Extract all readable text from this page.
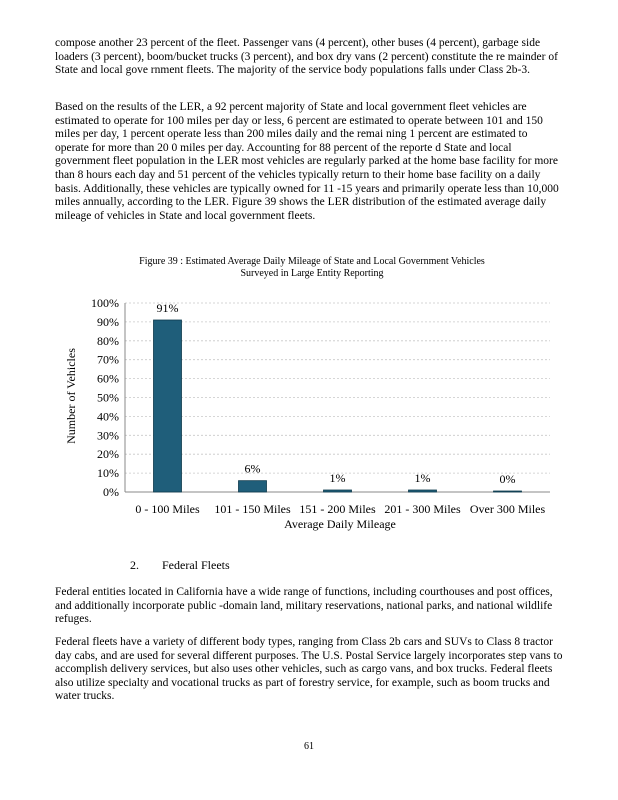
compose another 23 percent of the fleet. Passenger vans (4 percent), other buses (4 percent), garbage side loaders (3 percent), boom/bucket trucks (3 percent), and box dry vans (2 percent) constitute the re mainder of State and local gove rnment fleets. The majority of the service body populations falls under Class 2b-3.

Based on the results of the LER, a 92 percent majority of State and local government fleet vehicles are estimated to operate for 100 miles per day or less, 6 percent are estimated to operate between 101 and 150 miles per day, 1 percent operate less than 200 miles daily and the remai ning 1 percent are estimated to operate for more than 20 0 miles per day. Accounting for 88 percent of the reporte d State and local government fleet population in the LER most vehicles are regularly parked at the home base facility for more than 8 hours each day and 51 percent of the vehicles typically return to their home base facility on a daily basis. Additionally, these vehicles are typically owned for 11 -15 years and primarily operate less than 10,000 miles annually, according to the LER. Figure 39 shows the LER distribution of the estimated average daily mileage of vehicles in State and local government fleets.

Figure 39 : Estimated Average Daily Mileage of State and Local Government Vehicles
Surveyed in Large Entity Reporting
0%
10%
20%
30%
40%
50%
60%
70%
80%
90%
100%	91%
6%
1%	1%	0%
0 - 100 Miles 101 - 150 Miles 151 - 200 Miles 201 - 300 Miles Over 300 Miles
Number of Vehicles
Average Daily Mileage
2. Federal Fleets

Federal entities located in California have a wide range of functions, including courthouses and post offices, and additionally incorporate public -domain land, military reservations, national parks, and national wildlife refuges.

Federal fleets have a variety of different body types, ranging from Class 2b cars and SUVs to Class 8 tractor day cabs, and are used for several different purposes. The U.S. Postal Service largely incorporates step vans to accomplish delivery services, but also uses other vehicles, such as cargo vans, and box trucks. Federal fleets also utilize specialty and vocational trucks as part of forestry service, for example, such as boom trucks and water trucks.

61
